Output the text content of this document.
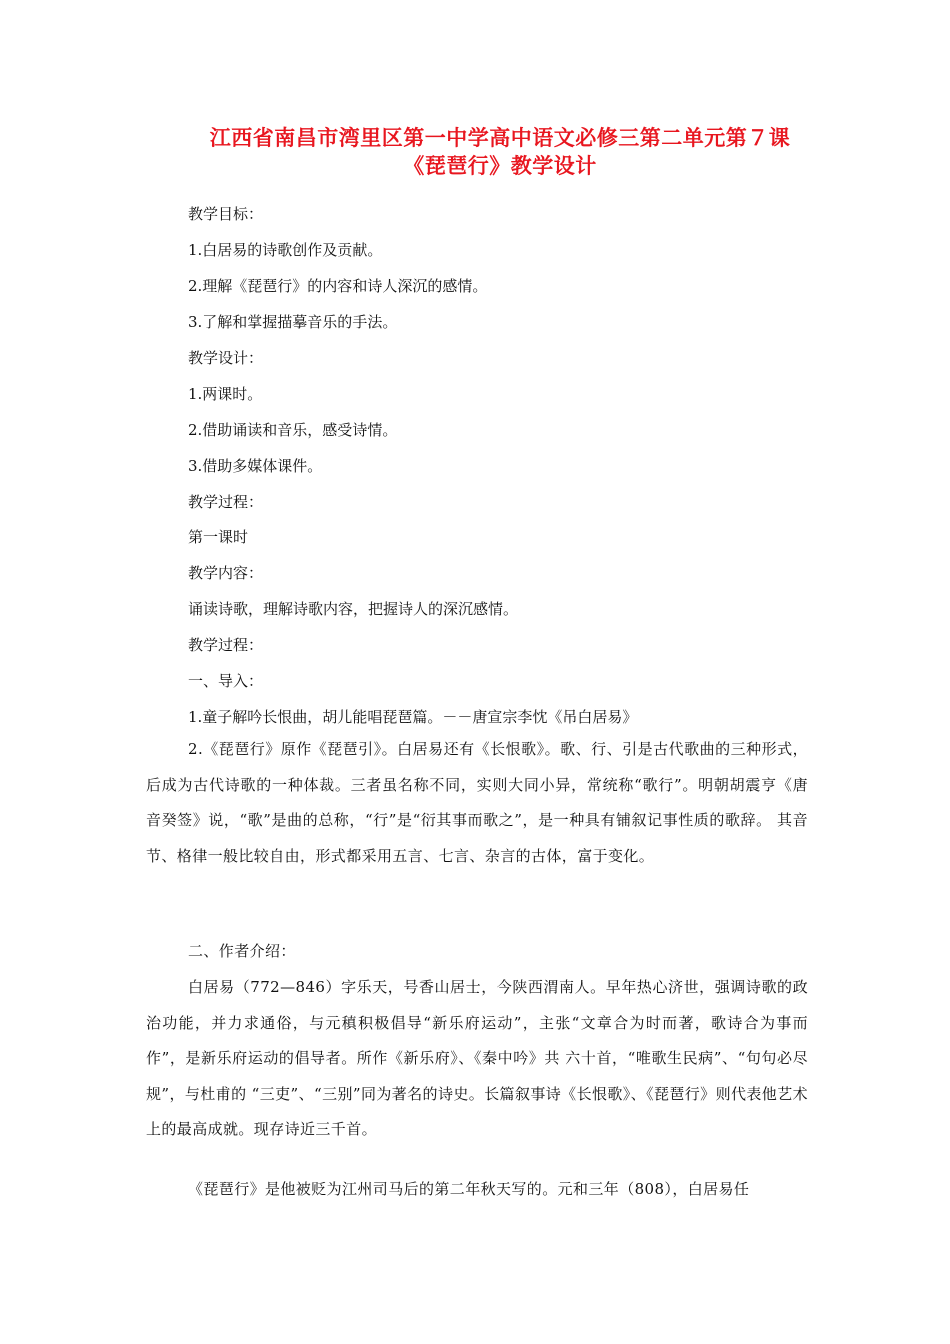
江西省南昌市湾里区第一中学高中语文必修三第二单元第７课
《琵琶行》教学设计
教学目标：
1.白居易的诗歌创作及贡献。
2.理解《琵琶行》的内容和诗人深沉的感情。
3.了解和掌握描摹音乐的手法。
教学设计：
1.两课时。
2.借助诵读和音乐，感受诗情。
3.借助多媒体课件。
教学过程：
第一课时
教学内容：
诵读诗歌，理解诗歌内容，把握诗人的深沉感情。
教学过程：
一、导入：
1.童子解吟长恨曲，胡儿能唱琵琶篇。－－唐宣宗李忱《吊白居易》
2.《琵琶行》原作《琵琶引》。白居易还有《长恨歌》。歌、行、引是古代歌曲的三种形式，后成为古代诗歌的一种体裁。三者虽名称不同，实则大同小异，常统称“歌行”。明朝胡震亨《唐音癸签》说，“歌”是曲的总称，“行”是“衍其事而歌之”，是一种具有铺叙记事性质的歌辞。 其音节、格律一般比较自由，形式都采用五言、七言、杂言的古体，富于变化。
二、作者介绍：
白居易（772—846）字乐天，号香山居士，今陕西渭南人。早年热心济世，强调诗歌的政治功能，并力求通俗，与元稹积极倡导“新乐府运动”，主张“文章合为时而著，歌诗合为事而作”，是新乐府运动的倡导者。所作《新乐府》、《秦中吟》共 六十首，“唯歌生民病”、“句句必尽规”，与杜甫的 “三吏”、“三别”同为著名的诗史。长篇叙事诗《长恨歌》、《琵琶行》则代表他艺术上的最高成就。现存诗近三千首。
《琵琶行》是他被贬为江州司马后的第二年秋天写的。元和三年（808），白居易任
